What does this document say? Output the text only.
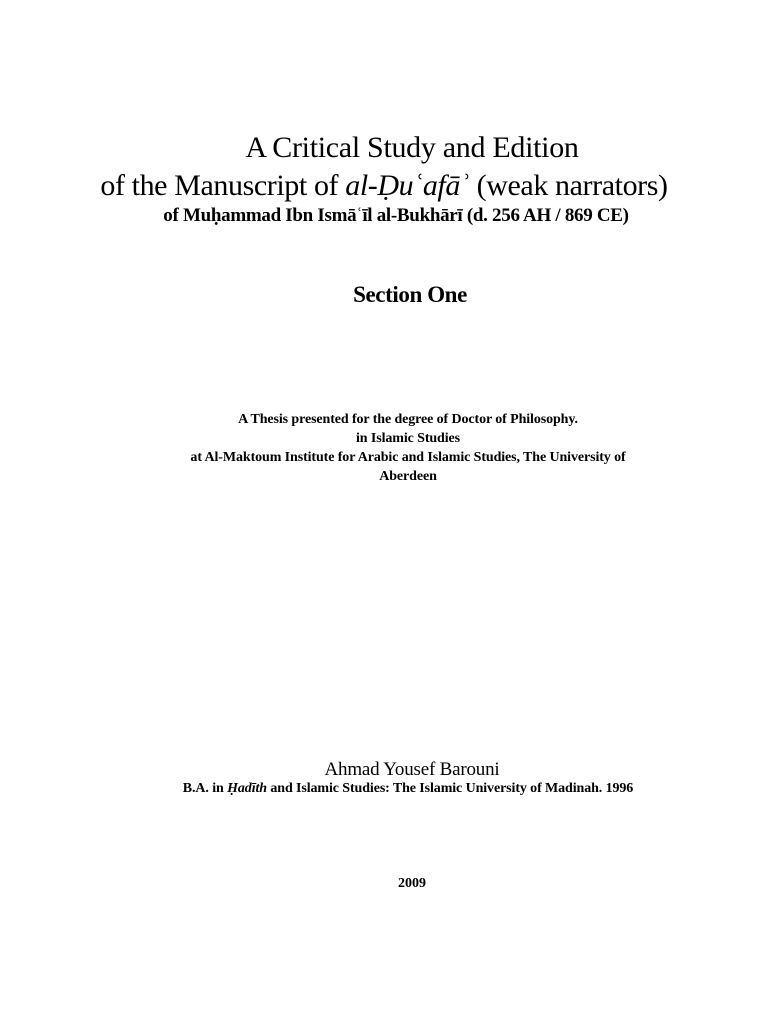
A Critical Study and Edition
of the Manuscript of al-Ḍuʿafāʾ (weak narrators)
of Muḥammad Ibn Ismāʿīl al-Bukhārī (d. 256 AH / 869 CE)
Section One
A Thesis presented for the degree of Doctor of Philosophy.
in Islamic Studies
at Al-Maktoum Institute for Arabic and Islamic Studies, The University of
Aberdeen
Ahmad Yousef Barouni
B.A. in Ḥadīth and Islamic Studies: The Islamic University of Madinah. 1996
2009
